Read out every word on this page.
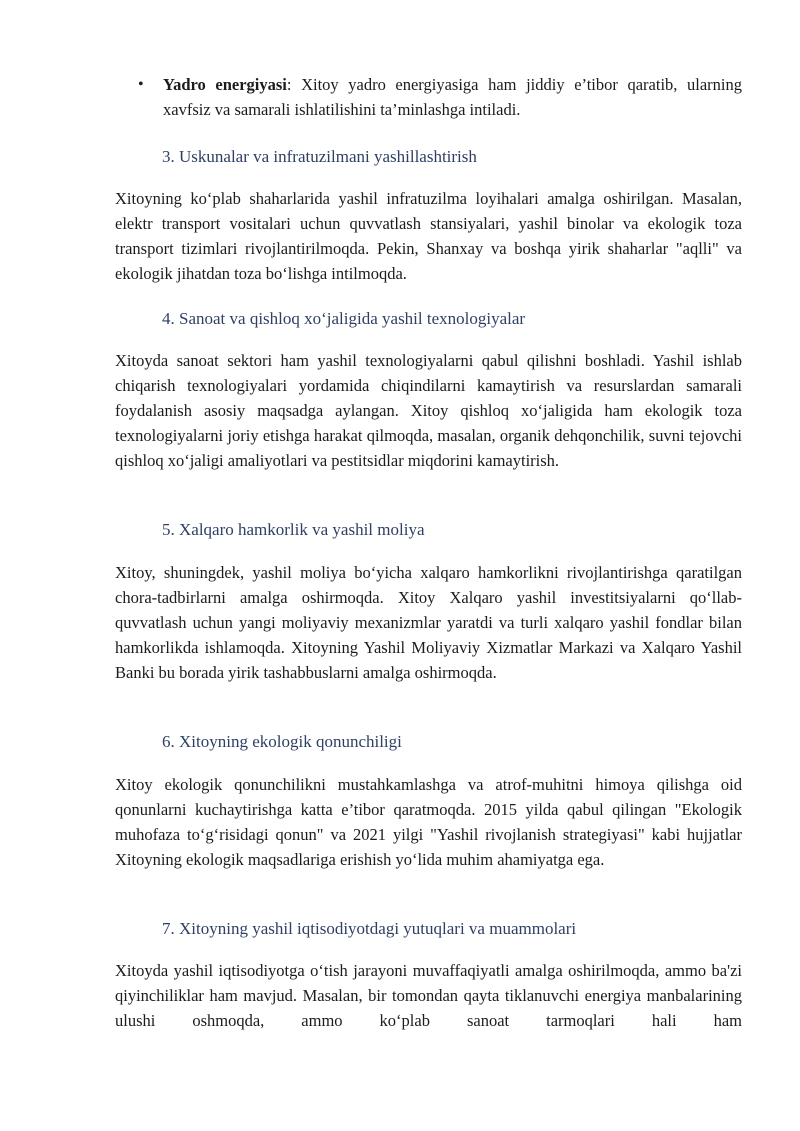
• Yadro energiyasi: Xitoy yadro energiyasiga ham jiddiy e’tibor qaratib, ularning xavfsiz va samarali ishlatilishini ta’minlashga intiladi.
3. Uskunalar va infratuzilmani yashillashtirish

Xitoyning ko‘plab shaharlarida yashil infratuzilma loyihalari amalga oshirilgan. Masalan, elektr transport vositalari uchun quvvatlash stansiyalari, yashil binolar va ekologik toza transport tizimlari rivojlantirilmoqda. Pekin, Shanxay va boshqa yirik shaharlar "aqlli" va ekologik jihatdan toza bo‘lishga intilmoqda.

4. Sanoat va qishloq xo‘jaligida yashil texnologiyalar

Xitoyda sanoat sektori ham yashil texnologiyalarni qabul qilishni boshladi. Yashil ishlab chiqarish texnologiyalari yordamida chiqindilarni kamaytirish va resurslardan samarali foydalanish asosiy maqsadga aylangan. Xitoy qishloq xo‘jaligida ham ekologik toza texnologiyalarni joriy etishga harakat qilmoqda, masalan, organik dehqonchilik, suvni tejovchi qishloq xo‘jaligi amaliyotlari va pestitsidlar miqdorini kamaytirish.

5. Xalqaro hamkorlik va yashil moliya

Xitoy, shuningdek, yashil moliya bo‘yicha xalqaro hamkorlikni rivojlantirishga qaratilgan chora-tadbirlarni amalga oshirmoqda. Xitoy Xalqaro yashil investitsiyalarni qo‘llab-quvvatlash uchun yangi moliyaviy mexanizmlar yaratdi va turli xalqaro yashil fondlar bilan hamkorlikda ishlamoqda. Xitoyning Yashil Moliyaviy Xizmatlar Markazi va Xalqaro Yashil Banki bu borada yirik tashabbuslarni amalga oshirmoqda.

6. Xitoyning ekologik qonunchiligi

Xitoy ekologik qonunchilikni mustahkamlashga va atrof-muhitni himoya qilishga oid qonunlarni kuchaytirishga katta e’tibor qaratmoqda. 2015 yilda qabul qilingan "Ekologik muhofaza to‘g‘risidagi qonun" va 2021 yilgi "Yashil rivojlanish strategiyasi" kabi hujjatlar Xitoyning ekologik maqsadlariga erishish yo‘lida muhim ahamiyatga ega.

7. Xitoyning yashil iqtisodiyotdagi yutuqlari va muammolari

Xitoyda yashil iqtisodiyotga o‘tish jarayoni muvaffaqiyatli amalga oshirilmoqda, ammo ba'zi qiyinchiliklar ham mavjud. Masalan, bir tomondan qayta tiklanuvchi energiya manbalarining ulushi oshmoqda, ammo ko‘plab sanoat tarmoqlari hali ham
